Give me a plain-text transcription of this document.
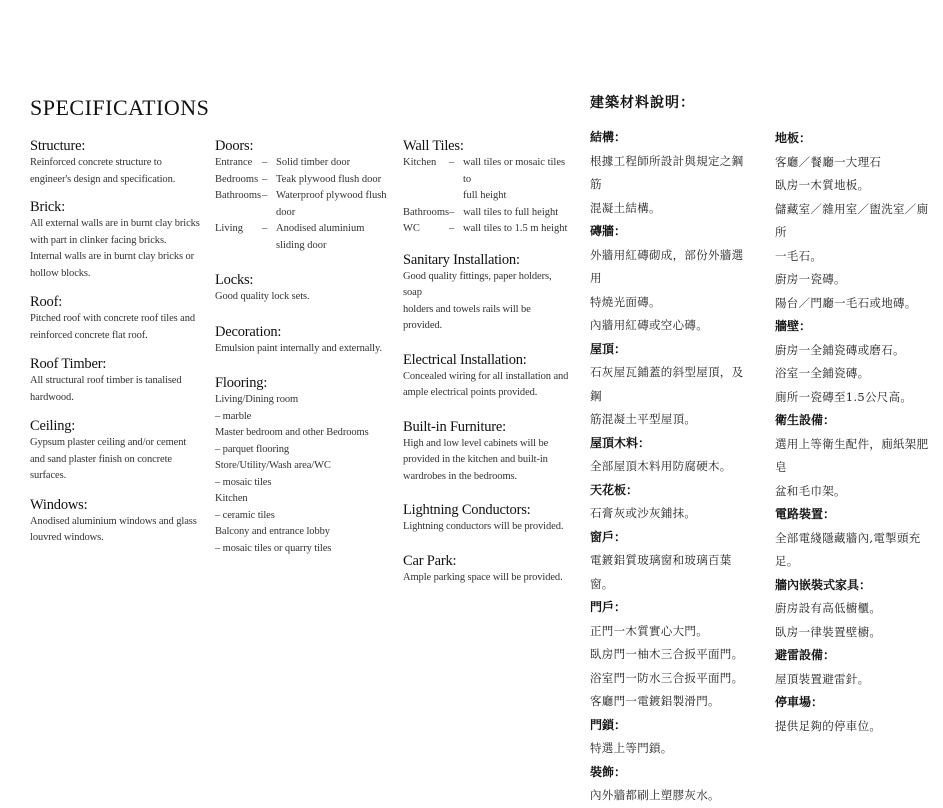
SPECIFICATIONS
Structure:
Reinforced concrete structure to
engineer's design and specification.
Brick:
All external walls are in burnt clay bricks
with part in clinker facing bricks.
Internal walls are in burnt clay bricks or
hollow blocks.
Roof:
Pitched roof with concrete roof tiles and
reinforced concrete flat roof.
Roof Timber:
All structural roof timber is tanalised
hardwood.
Ceiling:
Gypsum plaster ceiling and/or cement
and sand plaster finish on concrete
surfaces.
Windows:
Anodised aluminium windows and glass
louvred windows.
Doors:
Entrance – Solid timber door
Bedrooms – Teak plywood flush door
Bathrooms – Waterproof plywood flush
door
Living	– Anodised aluminium
sliding door
Locks:
Good quality lock sets.
Decoration:
Emulsion paint internally and externally.
Flooring:
Living/Dining room
– marble
Master bedroom and other Bedrooms
– parquet flooring
Store/Utility/Wash area/WC
– mosaic tiles
Kitchen
– ceramic tiles
Balcony and entrance lobby
– mosaic tiles or quarry tiles
Wall Tiles:
Kitchen	– wall tiles or mosaic tiles to
full height
Bathrooms – wall tiles to full height
WC	– wall tiles to 1.5 m height
Sanitary Installation:
Good quality fittings, paper holders, soap
holders and towels rails will be provided.
Electrical Installation:
Concealed wiring for all installation and
ample electrical points provided.
Built-in Furniture:
High and low level cabinets will be
provided in the kitchen and built-in
wardrobes in the bedrooms.
Lightning Conductors:
Lightning conductors will be provided.
Car Park:
Ample parking space will be provided.
建築材料說明：
結構：
根據工程師所設計與規定之鋼筋
混凝土結構。
磚牆：
外牆用紅磚砌成，部份外牆選用
特燒光面磚。
內牆用紅磚或空心磚。
屋頂：
石灰屋瓦鋪蓋的斜型屋頂，及鋼
筋混凝土平型屋頂。
屋頂木料：
全部屋頂木料用防腐硬木。
天花板：
石膏灰或沙灰鋪抹。
窗戶：
電鍍鋁質玻璃窗和玻璃百葉窗。
門戶：
正門一木質實心大門。
臥房門一柚木三合扳平面門。
浴室門一防水三合扳平面門。
客廳門一電鍍鋁製滑門。
門鎖：
特選上等門鎖。
裝飾：
內外牆都刷上塑膠灰水。
地板：
客廳／餐廳一大理石
臥房一木質地板。
儲藏室／雜用室／盥洗室／廁所
一毛石。
廚房一瓷磚。
陽台／門廳一毛石或地磚。
牆壁：
廚房一全鋪瓷磚或磨石。
浴室一全鋪瓷磚。
廁所一瓷磚至1.5公尺高。
衛生設備：
選用上等衛生配件，廁紙架肥皂
盆和毛巾架。
電路裝置：
全部電綫隱藏牆內,電掣頭充足。
牆內嵌裝式家具：
廚房設有高低櫥櫃。
臥房一律裝置壁櫥。
避雷設備：
屋頂裝置避雷針。
停車場：
提供足夠的停車位。
